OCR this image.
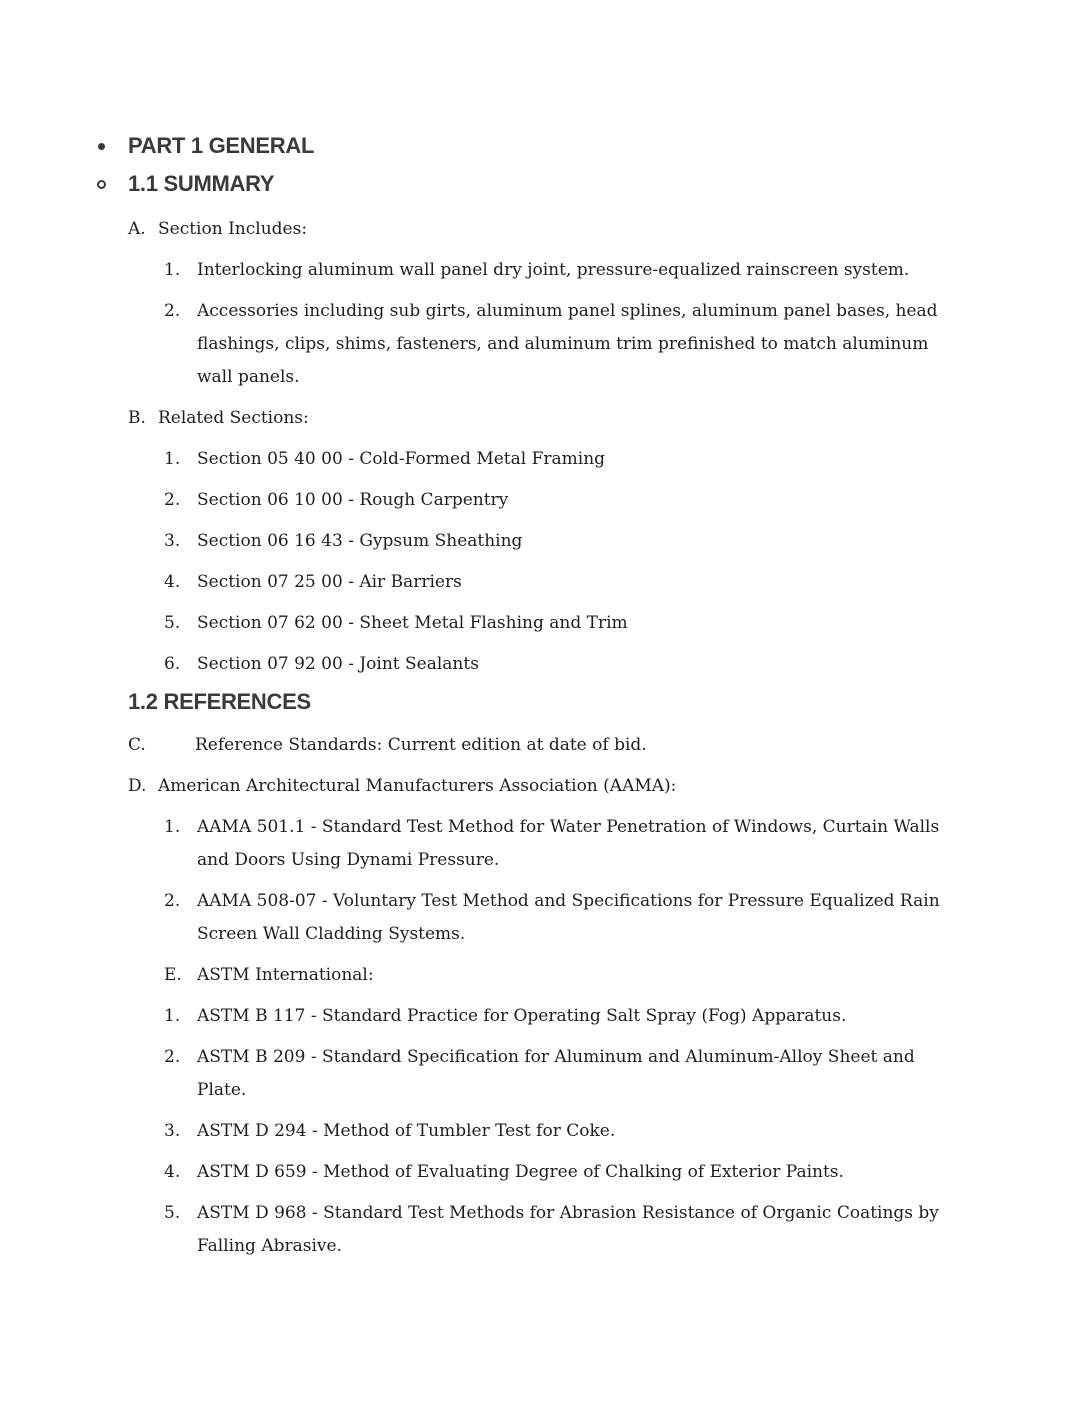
PART 1 GENERAL
1.1 SUMMARY
A. Section Includes:
1. Interlocking aluminum wall panel dry joint, pressure-equalized rainscreen system.
2. Accessories including sub girts, aluminum panel splines, aluminum panel bases, head flashings, clips, shims, fasteners, and aluminum trim prefinished to match aluminum wall panels.
B. Related Sections:
1. Section 05 40 00 - Cold-Formed Metal Framing
2. Section 06 10 00 - Rough Carpentry
3. Section 06 16 43 - Gypsum Sheathing
4. Section 07 25 00 - Air Barriers
5. Section 07 62 00 - Sheet Metal Flashing and Trim
6. Section 07 92 00 - Joint Sealants
1.2 REFERENCES
C.	Reference Standards: Current edition at date of bid.
D. American Architectural Manufacturers Association (AAMA):
1. AAMA 501.1 - Standard Test Method for Water Penetration of Windows, Curtain Walls and Doors Using Dynami Pressure.
2. AAMA 508-07 - Voluntary Test Method and Specifications for Pressure Equalized Rain Screen Wall Cladding Systems.
E. ASTM International:
1. ASTM B 117 - Standard Practice for Operating Salt Spray (Fog) Apparatus.
2. ASTM B 209 - Standard Specification for Aluminum and Aluminum-Alloy Sheet and Plate.
3. ASTM D 294 - Method of Tumbler Test for Coke.
4. ASTM D 659 - Method of Evaluating Degree of Chalking of Exterior Paints.
5. ASTM D 968 - Standard Test Methods for Abrasion Resistance of Organic Coatings by Falling Abrasive.
